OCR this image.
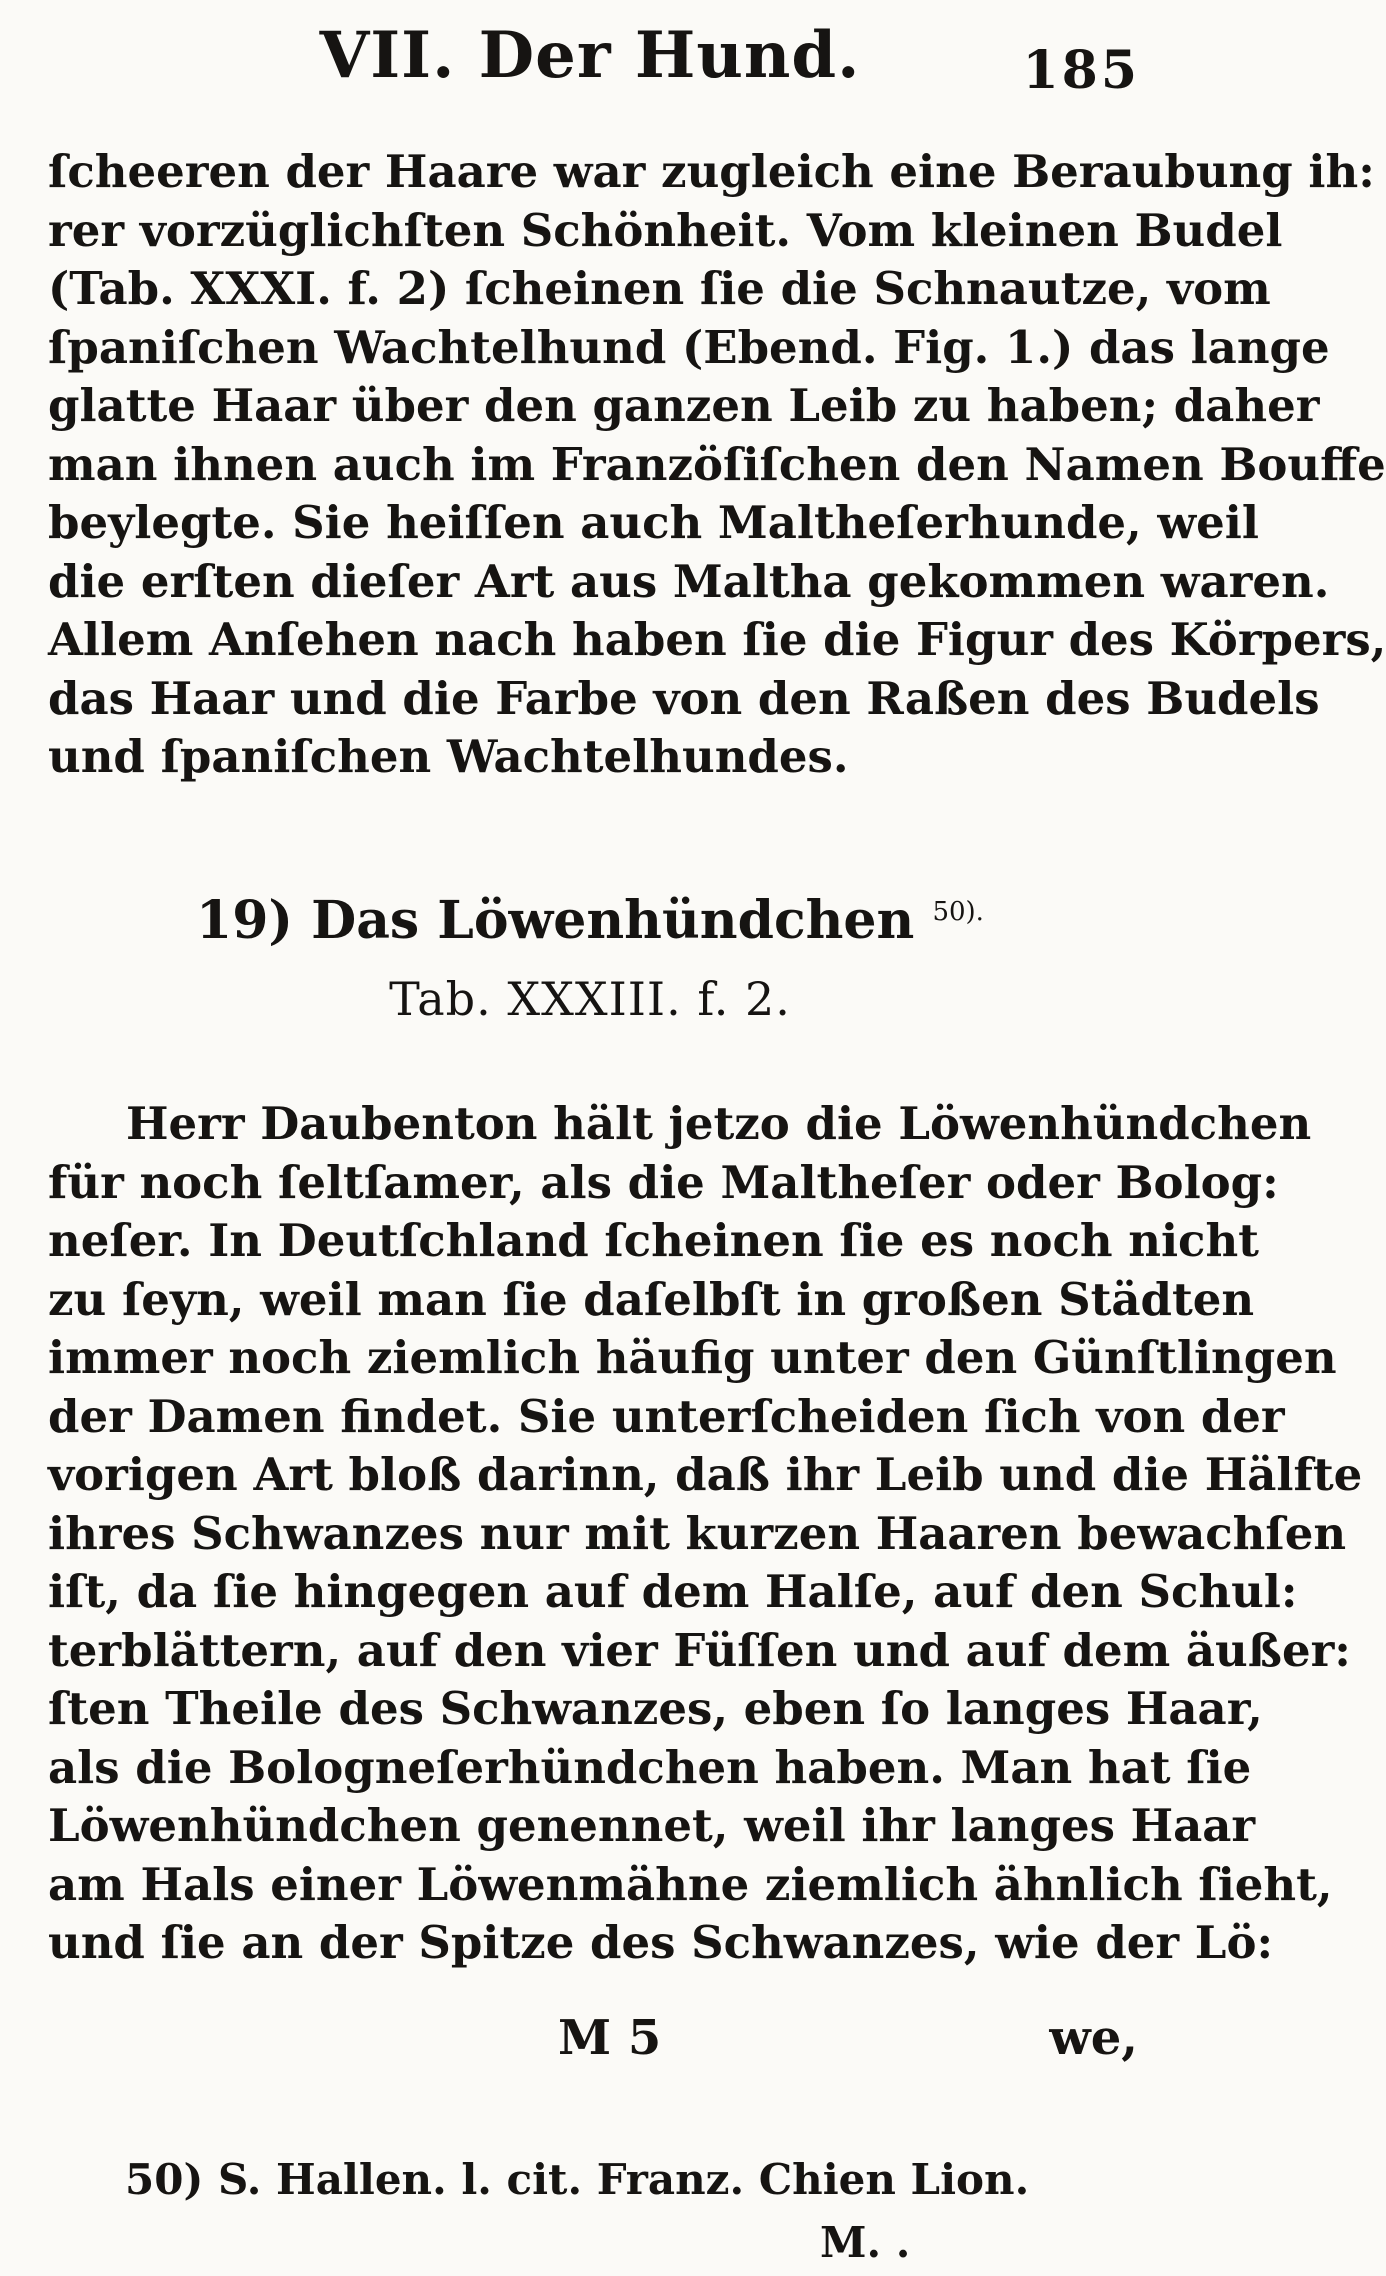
VII. Der Hund.	185
ſcheeren der Haare war zugleich eine Beraubung ih:
rer vorzüglichſten Schönheit. Vom kleinen Budel
(Tab. XXXI. f. 2) ſcheinen ſie die Schnautze, vom
ſpaniſchen Wachtelhund (Ebend. Fig. 1.) das lange
glatte Haar über den ganzen Leib zu haben; daher
man ihnen auch im Franzöſiſchen den Namen Bouffe
beylegte. Sie heiſſen auch Maltheſerhunde, weil
die erſten dieſer Art aus Maltha gekommen waren.
Allem Anſehen nach haben ſie die Figur des Körpers,
das Haar und die Farbe von den Raßen des Budels
und ſpaniſchen Wachtelhundes.
19) Das Löwenhündchen $^{50).}$
Tab. XXXIII. f. 2.
Herr Daubenton hält jetzo die Löwenhündchen
für noch ſeltſamer, als die Maltheſer oder Bolog:
neſer. In Deutſchland ſcheinen ſie es noch nicht
zu ſeyn, weil man ſie daſelbſt in großen Städten
immer noch ziemlich häufig unter den Günſtlingen
der Damen findet. Sie unterſcheiden ſich von der
vorigen Art bloß darinn, daß ihr Leib und die Hälfte
ihres Schwanzes nur mit kurzen Haaren bewachſen
iſt, da ſie hingegen auf dem Halſe, auf den Schul:
terblättern, auf den vier Füſſen und auf dem äußer:
ſten Theile des Schwanzes, eben ſo langes Haar,
als die Bologneſerhündchen haben. Man hat ſie
Löwenhündchen genennet, weil ihr langes Haar
am Hals einer Löwenmähne ziemlich ähnlich ſieht,
und ſie an der Spitze des Schwanzes, wie der Lö:
M 5	we,
50) S. Hallen. l. cit. Franz. Chien Lion.
M. .
